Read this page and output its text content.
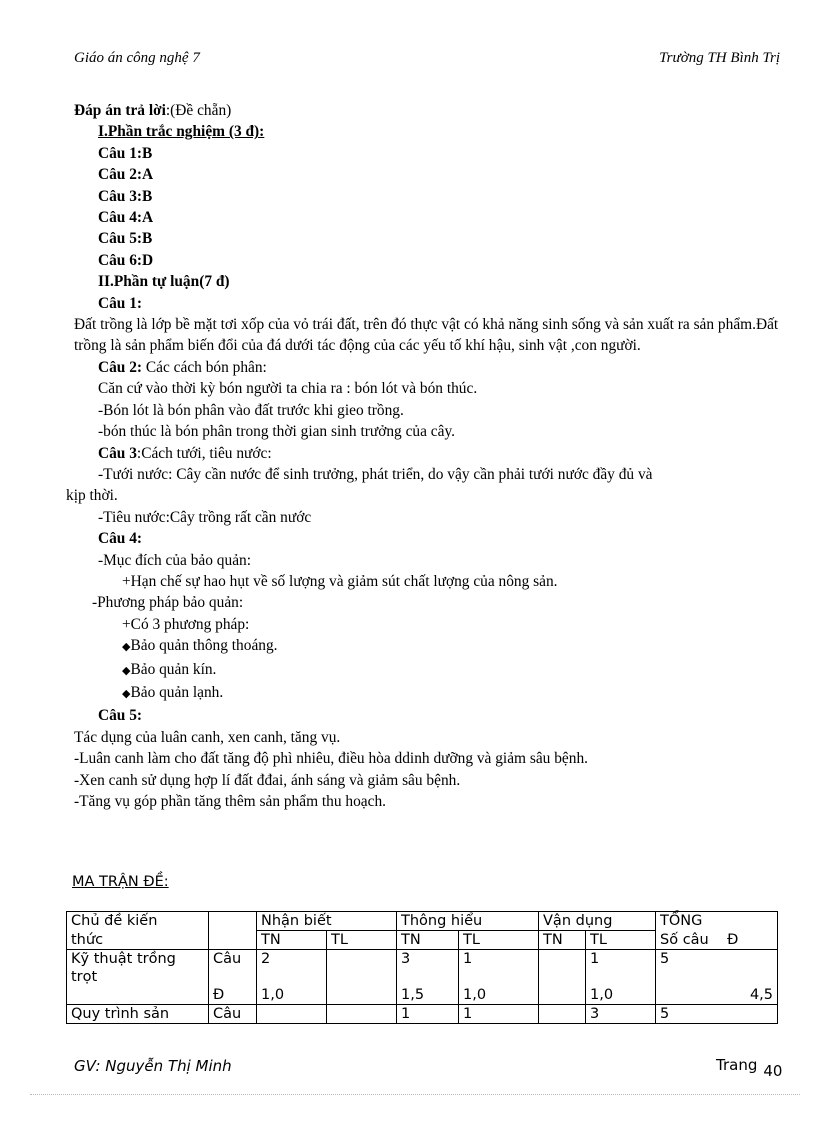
Giáo án công nghệ 7	Trường TH Bình Trị
Đáp án trả lời:(Đề chẵn)
I.Phần trắc nghiệm (3 đ):
Câu 1:B
Câu 2:A
Câu 3:B
Câu 4:A
Câu 5:B
Câu 6:D
II.Phần tự luận(7 đ)
Câu 1:
Đất trồng là lớp bề mặt tơi xốp của vỏ trái đất, trên đó thực vật có khả năng sinh sống và sản xuất ra sản phẩm.Đất trồng là sản phẩm biến đổi của đá dưới tác động của các yếu tố khí hậu, sinh vật ,con người.
Câu 2: Các cách bón phân:
Căn cứ vào thời kỳ bón người ta chia ra : bón lót và bón thúc.
-Bón lót là bón phân vào đất trước khi gieo trồng.
-bón thúc là bón phân trong thời gian sinh trưởng của cây.
Câu 3:Cách tưới, tiêu nước:
-Tưới nước: Cây cần nước để sinh trưởng, phát triển, do vậy cần phải tưới nước đầy đủ và
kịp thời.
-Tiêu nước:Cây trồng rất cần nước
Câu 4:
-Mục đích của bảo quản:
+Hạn chế sự hao hụt về số lượng và giảm sút chất lượng của nông sản.
-Phương pháp bảo quản:
+Có 3 phương pháp:
◆Bảo quản thông thoáng.
◆Bảo quản kín.
◆Bảo quản lạnh.
Câu 5:
Tác dụng của luân canh, xen canh, tăng vụ.
-Luân canh làm cho đất tăng độ phì nhiêu, điều hòa ddinh dưỡng và giảm sâu bệnh.
-Xen canh sử dụng hợp lí đất đđai, ánh sáng và giảm sâu bệnh.
-Tăng vụ góp phần tăng thêm sản phẩm thu hoạch.
MA TRẬN ĐỀ:
Chủ đề kiến		Nhận biết		Thông hiểu		Vận dụng		TỔNG
thức		TN	TL	TN	TL	TN	TL	Số câu    Đ

Kỹ thuật trồng
trọt	Câu	2		3	1		1	5
	Đ	1,0		1,5	1,0		1,0	4,5
Quy trình sản	Câu			1	1		3	5
GV: Nguyễn Thị Minh	Trang 40
